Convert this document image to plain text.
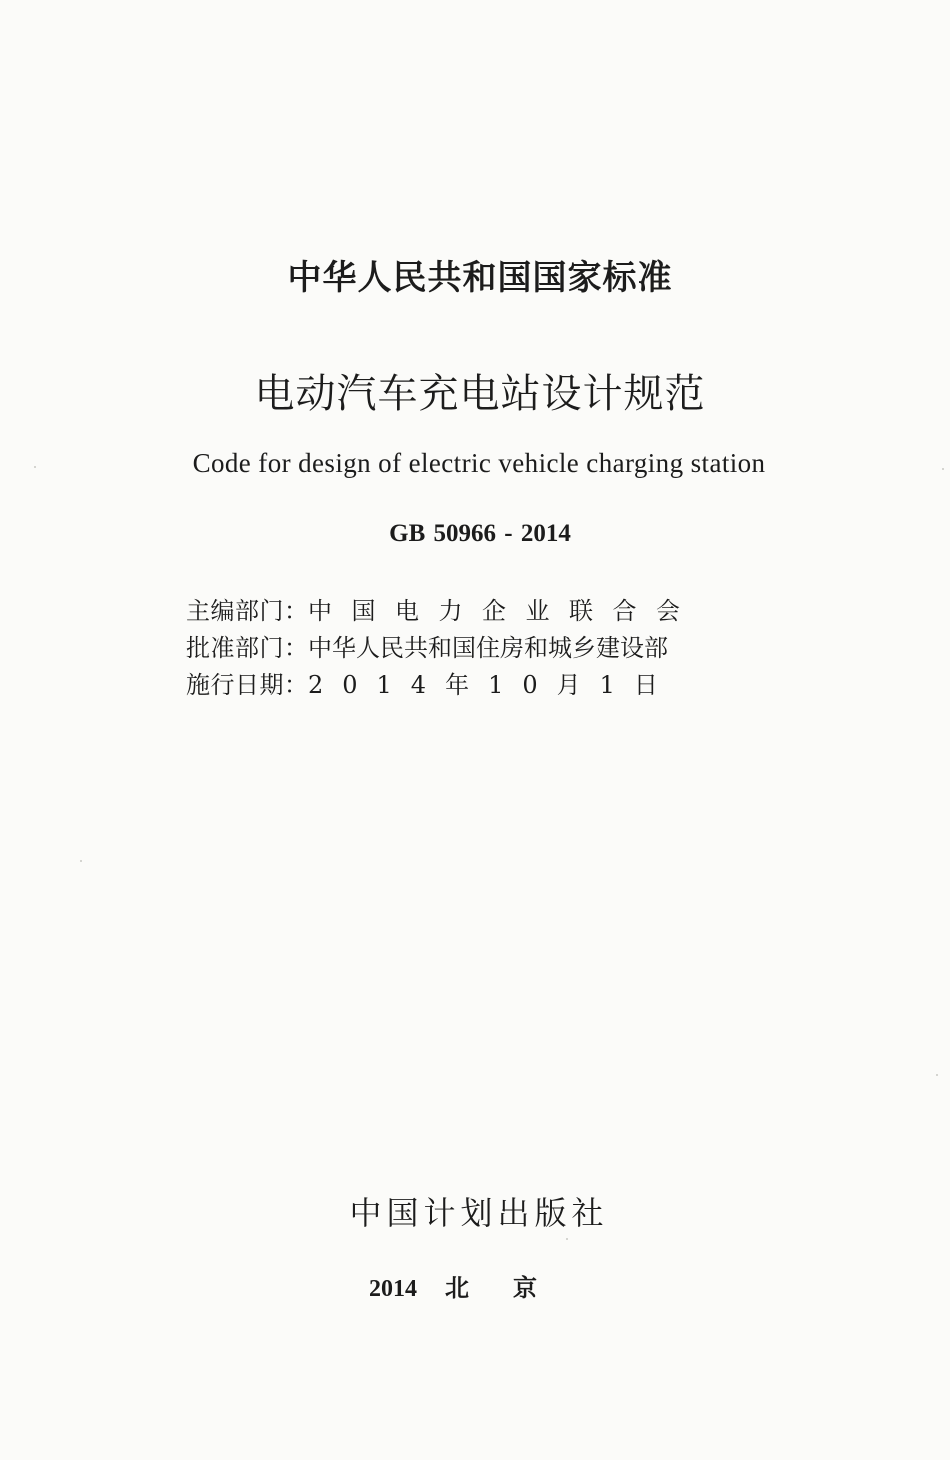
中华人民共和国国家标准
电动汽车充电站设计规范
Code for design of electric vehicle charging station
GB 50966 - 2014
主编部门 ： 中国电力企业联合会
批准部门 ： 中华人民共和国住房和城乡建设部
施行日期 ： 2014年10月1日
中国计划出版社
2014 北京
